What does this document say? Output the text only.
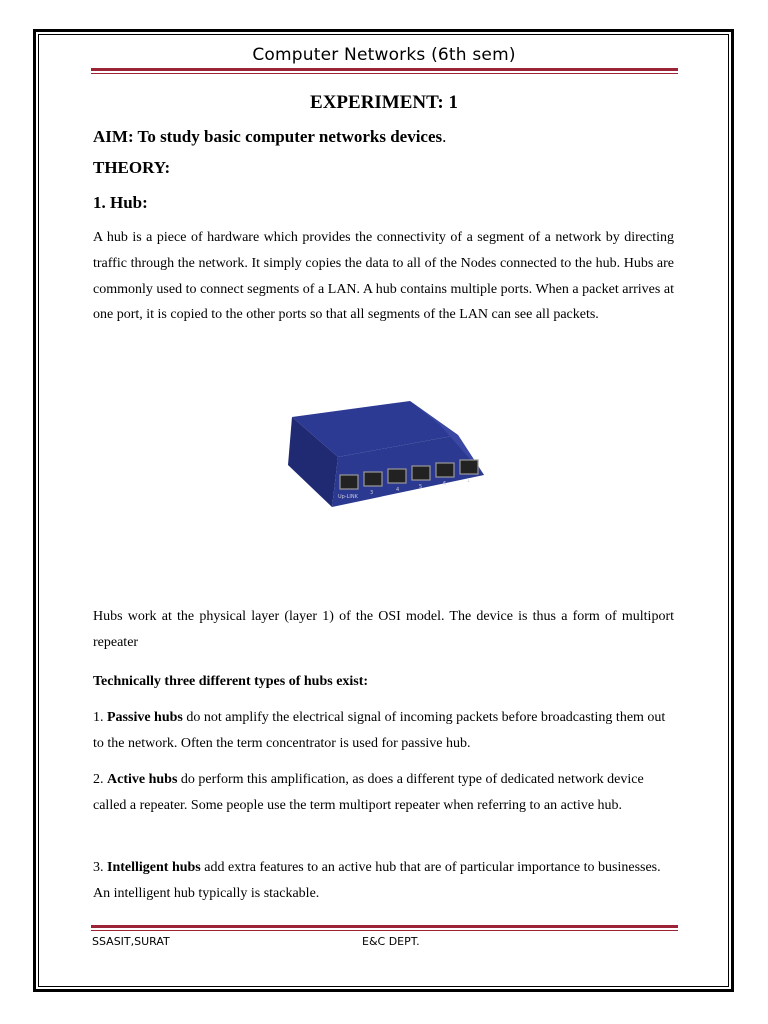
Computer Networks (6th sem)
EXPERIMENT: 1
AIM: To study basic computer networks devices.
THEORY:
1. Hub:
A hub is a piece of hardware which provides the connectivity of a segment of a network by directing traffic through the network. It simply copies the data to all of the Nodes connected to the hub. Hubs are commonly used to connect segments of a LAN. A hub contains multiple ports. When a packet arrives at one port, it is copied to the other ports so that all segments of the LAN can see all packets.
Up-LINK
3	4	5	6	1
Hubs work at the physical layer (layer 1) of the OSI model. The device is thus a form of multiport repeater
Technically three different types of hubs exist:
1. Passive hubs do not amplify the electrical signal of incoming packets before broadcasting them out to the network. Often the term concentrator is used for passive hub.
2. Active hubs do perform this amplification, as does a different type of dedicated network device called a repeater. Some people use the term multiport repeater when referring to an active hub.
3. Intelligent hubs add extra features to an active hub that are of particular importance to businesses. An intelligent hub typically is stackable.
SSASIT,SURAT	E&C DEPT.
